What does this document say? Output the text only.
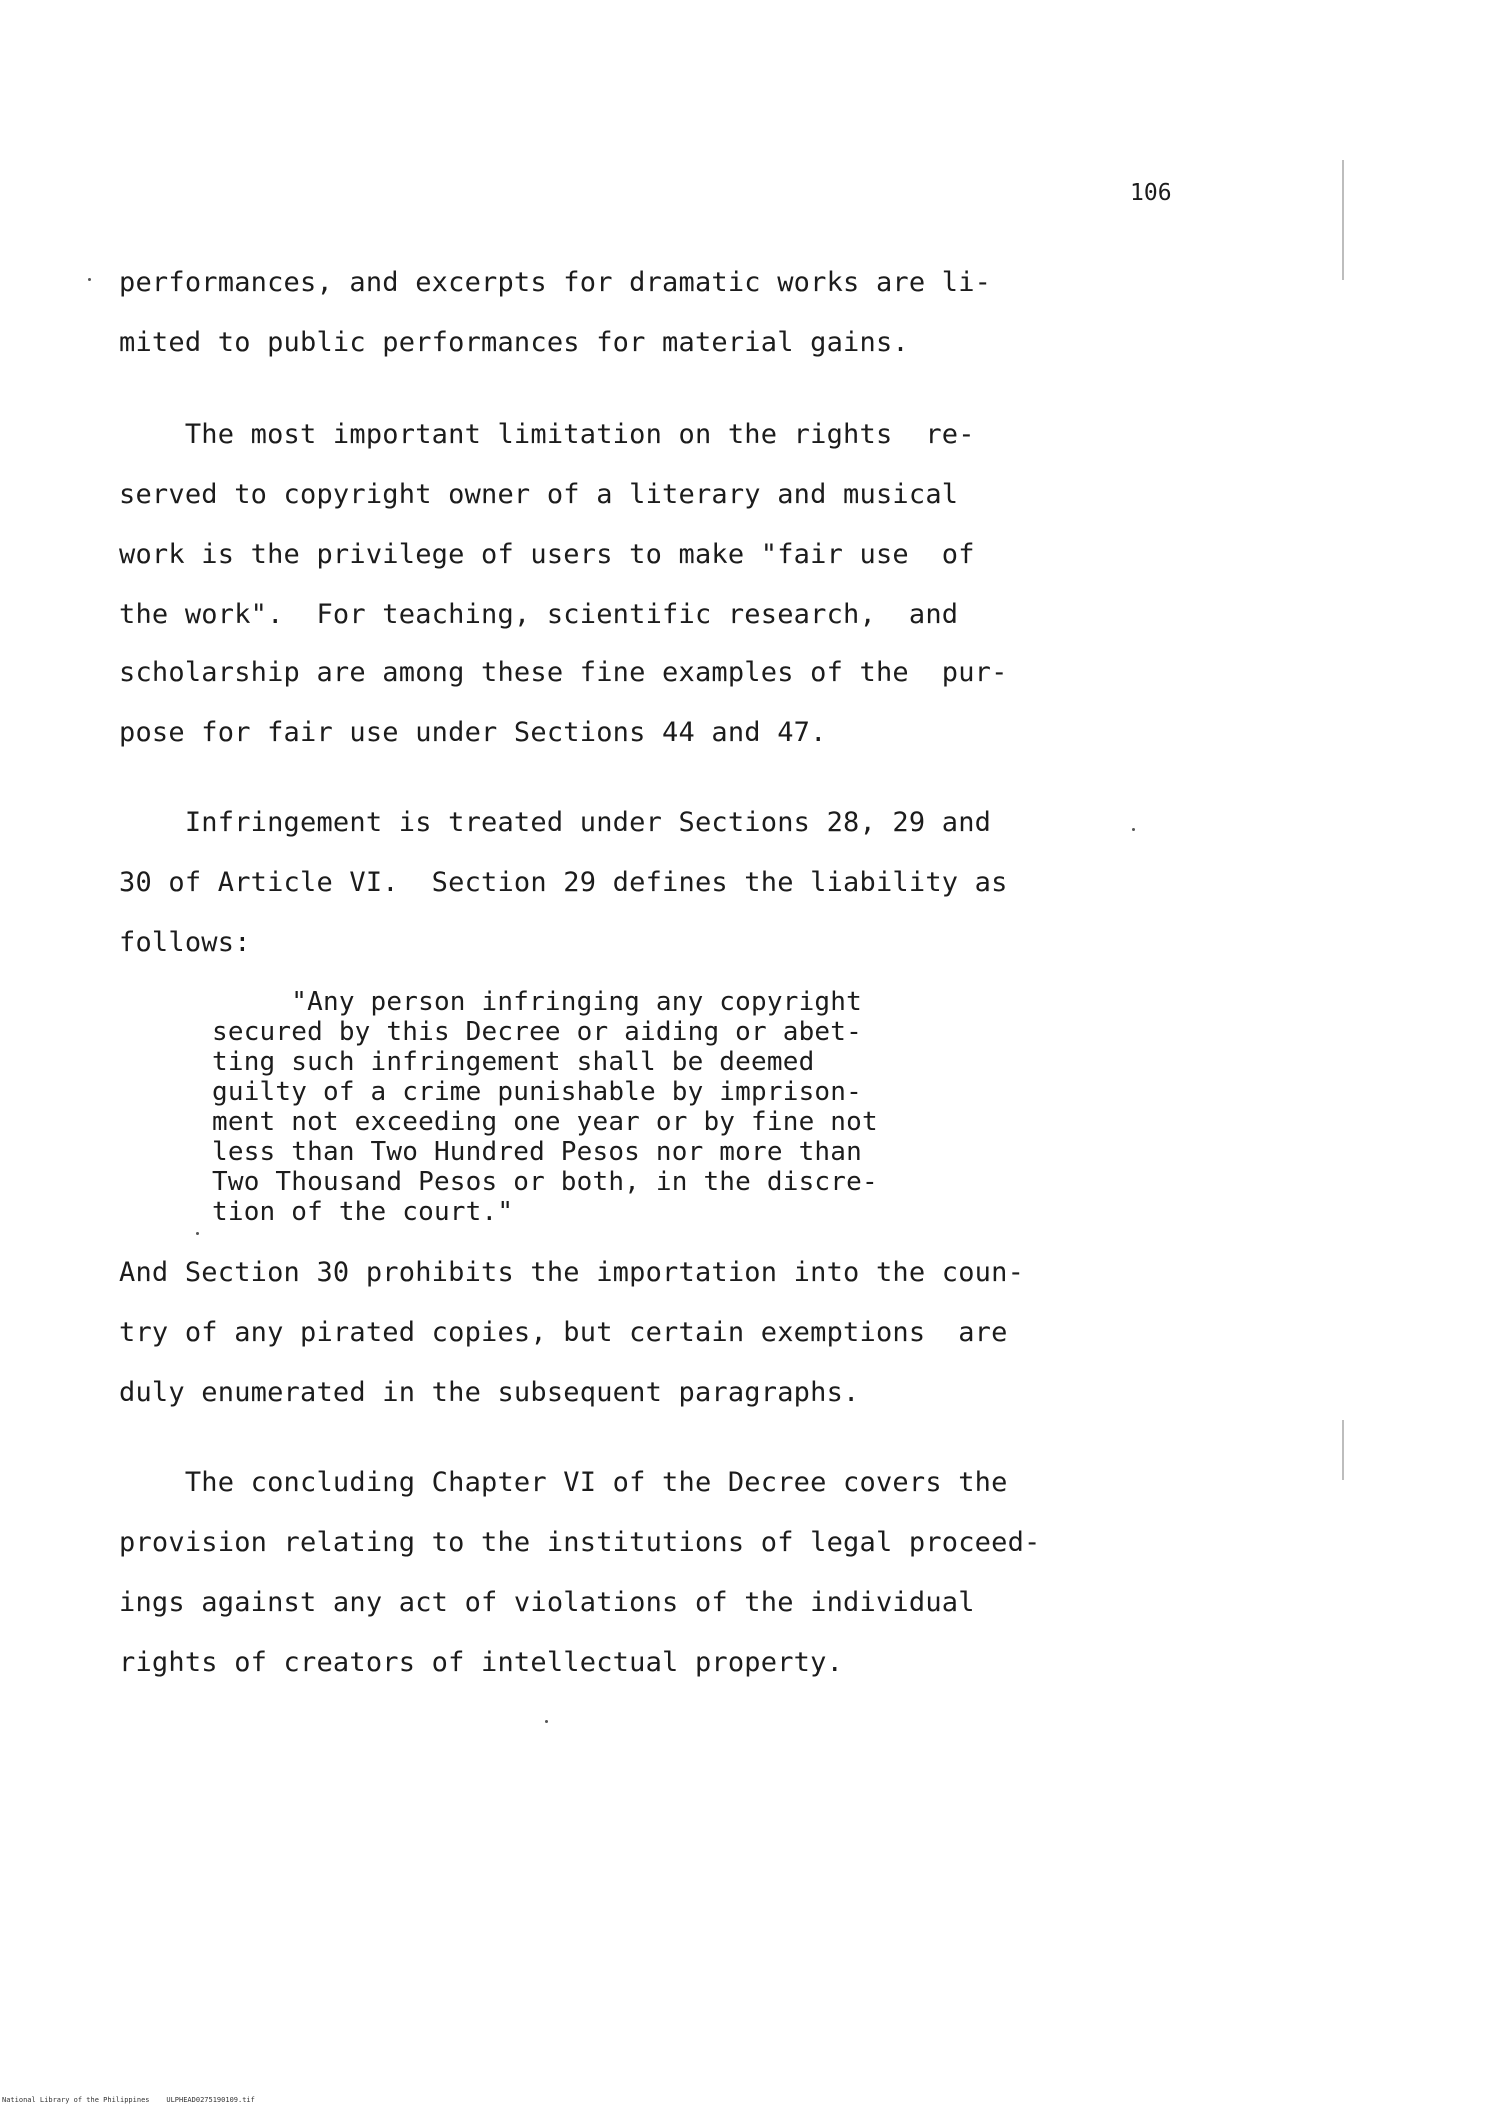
106
performances, and excerpts for dramatic works are li-
mited to public performances for material gains.
The most important limitation on the rights  re-
served to copyright owner of a literary and musical
work is the privilege of users to make "fair use  of
the work".  For teaching, scientific research,  and
scholarship are among these fine examples of the  pur-
pose for fair use under Sections 44 and 47.
Infringement is treated under Sections 28, 29 and
30 of Article VI.  Section 29 defines the liability as
follows:
"Any person infringing any copyright
secured by this Decree or aiding or abet-
ting such infringement shall be deemed
guilty of a crime punishable by imprison-
ment not exceeding one year or by fine not
less than Two Hundred Pesos nor more than
Two Thousand Pesos or both, in the discre-
tion of the court."
And Section 30 prohibits the importation into the coun-
try of any pirated copies, but certain exemptions  are
duly enumerated in the subsequent paragraphs.
The concluding Chapter VI of the Decree covers the
provision relating to the institutions of legal proceed-
ings against any act of violations of the individual
rights of creators of intellectual property.
National Library of the Philippines    ULPHEAD0275190109.tif
